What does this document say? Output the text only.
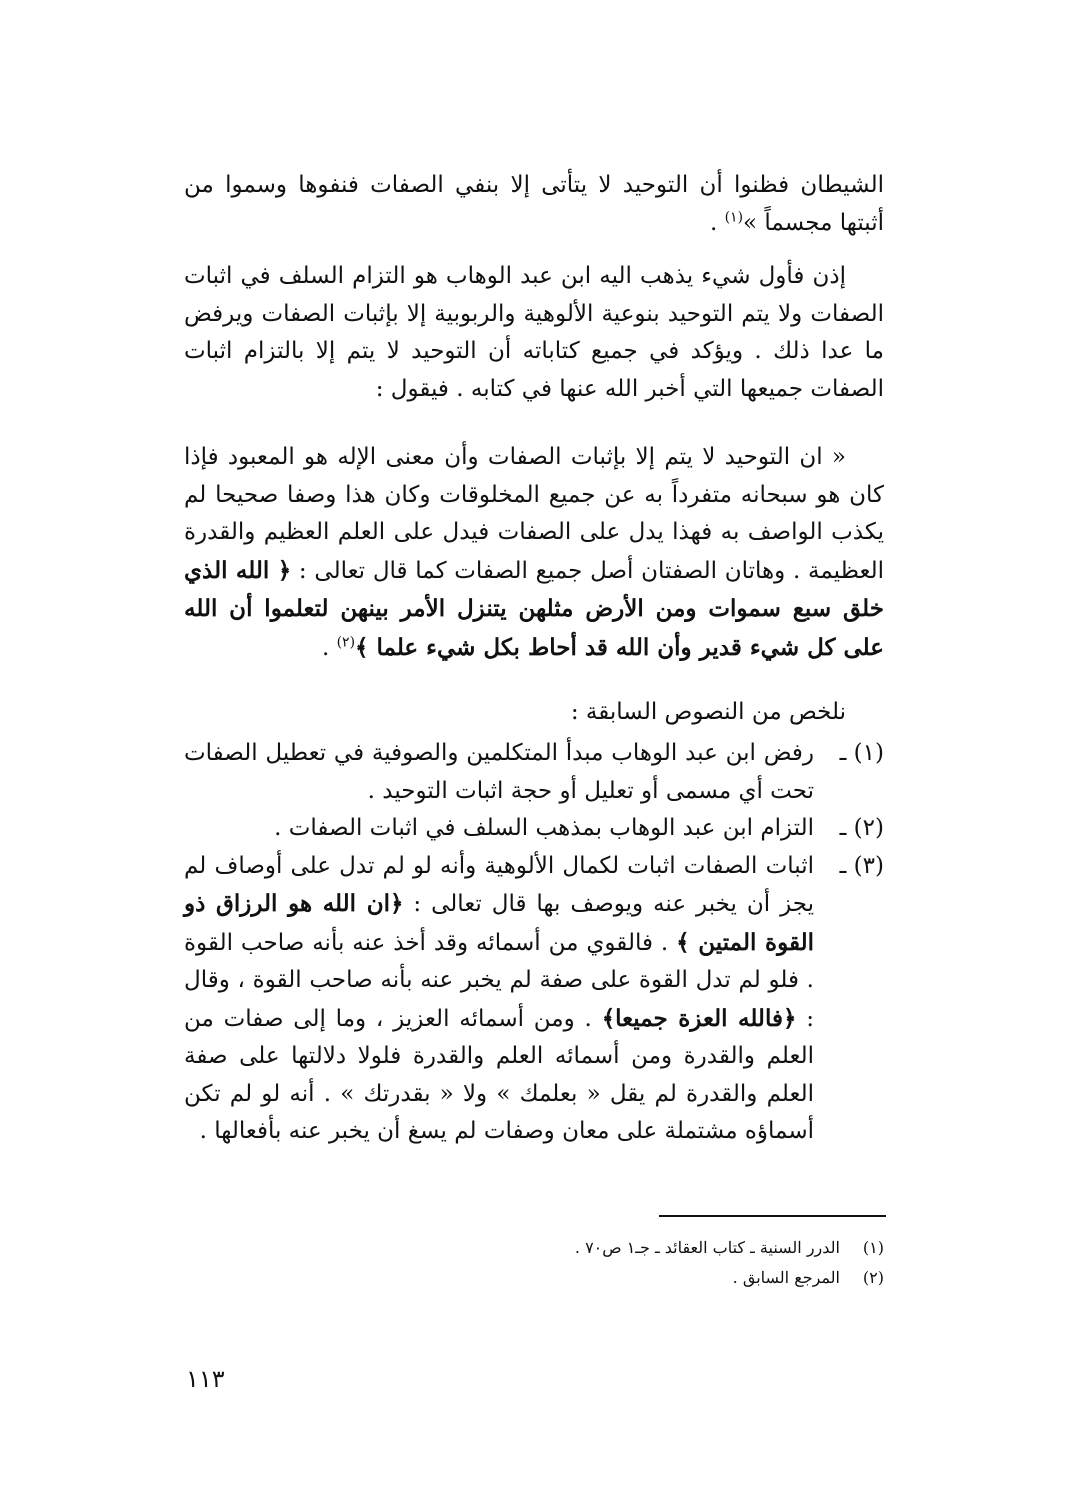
الشيطان فظنوا أن التوحيد لا يتأتى إلا بنفي الصفات فنفوها وسموا من أثبتها مجسماً »$^{(١)}$ .

إذن فأول شيء يذهب اليه ابن عبد الوهاب هو التزام السلف في اثبات الصفات ولا يتم التوحيد بنوعية الألوهية والربوبية إلا بإثبات الصفات ويرفض ما عدا ذلك . ويؤكد في جميع كتاباته أن التوحيد لا يتم إلا بالتزام اثبات الصفات جميعها التي أخبر الله عنها في كتابه . فيقول :

« ان التوحيد لا يتم إلا بإثبات الصفات وأن معنى الإله هو المعبود فإذا كان هو سبحانه متفرداً به عن جميع المخلوقات وكان هذا وصفا صحيحا لم يكذب الواصف به فهذا يدل على الصفات فيدل على العلم العظيم والقدرة العظيمة . وهاتان الصفتان أصل جميع الصفات كما قال تعالى : ﴿ الله الذي خلق سبع سموات ومن الأرض مثلهن يتنزل الأمر بينهن لتعلموا أن الله على كل شيء قدير وأن الله قد أحاط بكل شيء علما ﴾$^{(٢)}$ .

نلخص من النصوص السابقة :

(١) ـ
رفض ابن عبد الوهاب مبدأ المتكلمين والصوفية في تعطيل الصفات تحت أي مسمى أو تعليل أو حجة اثبات التوحيد .
(٢) ـ
التزام ابن عبد الوهاب بمذهب السلف في اثبات الصفات .
(٣) ـ
اثبات الصفات اثبات لكمال الألوهية وأنه لو لم تدل على أوصاف لم يجز أن يخبر عنه ويوصف بها قال تعالى : ﴿ان الله هو الرزاق ذو القوة المتين ﴾ . فالقوي من أسمائه وقد أخذ عنه بأنه صاحب القوة . فلو لم تدل القوة على صفة لم يخبر عنه بأنه صاحب القوة ، وقال : ﴿فالله العزة جميعا﴾ . ومن أسمائه العزيز ، وما إلى صفات من العلم والقدرة ومن أسمائه العلم والقدرة فلولا دلالتها على صفة العلم والقدرة لم يقل « بعلمك » ولا « بقدرتك » . أنه لو لم تكن أسماؤه مشتملة على معان وصفات لم يسغ أن يخبر عنه بأفعالها .
(١)
الدرر السنية ـ كتاب العقائد ـ جـ١ ص٧٠ .
(٢)
المرجع السابق .
١١٣
